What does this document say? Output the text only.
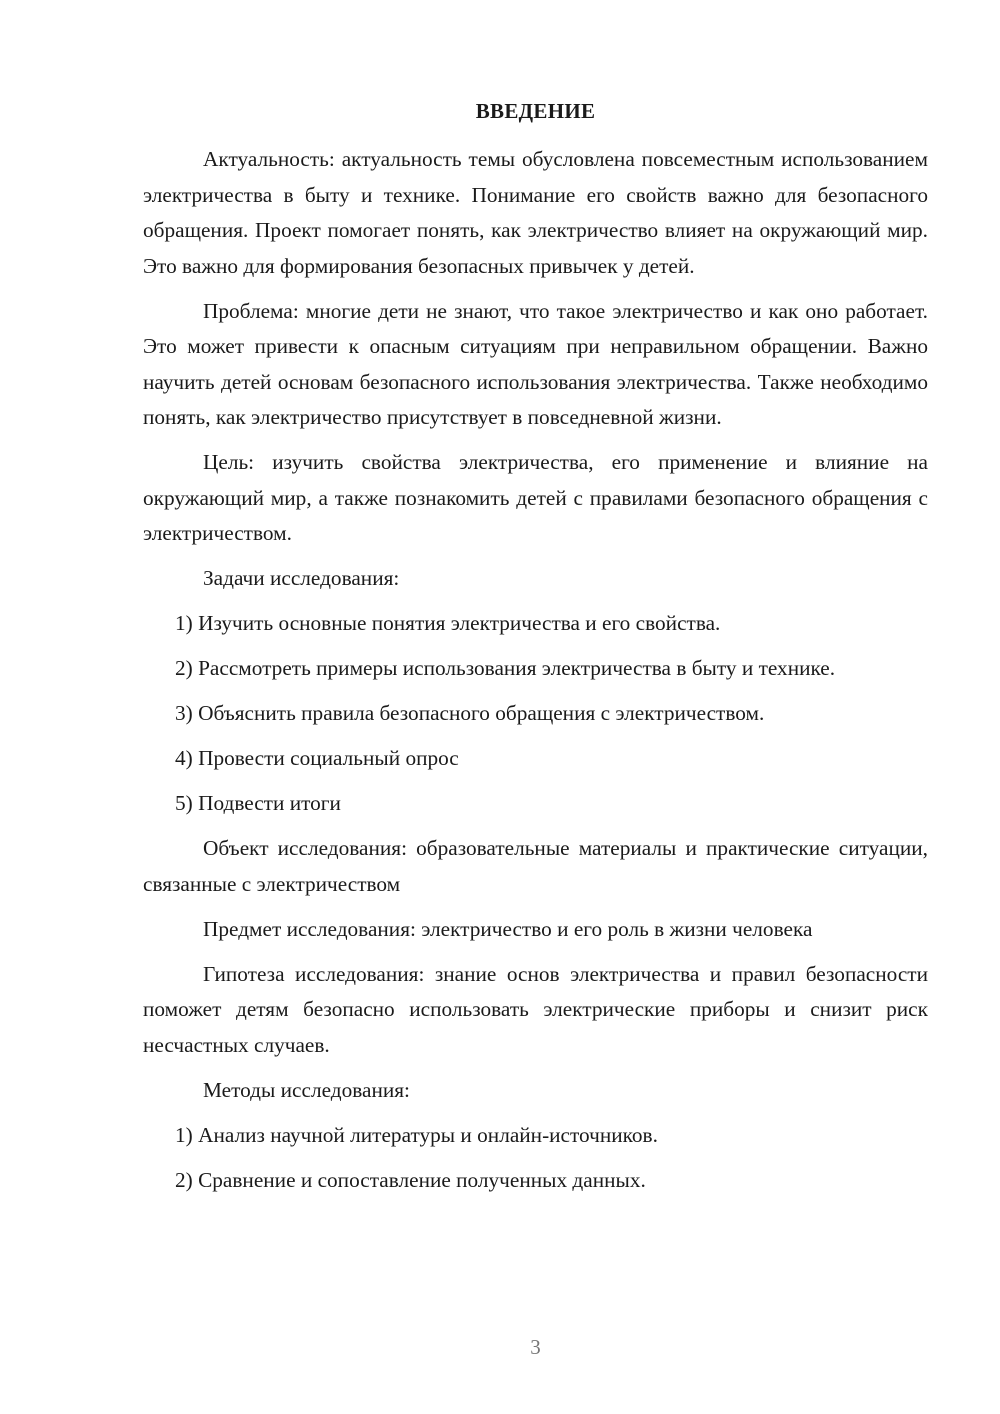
ВВЕДЕНИЕ

Актуальность: актуальность темы обусловлена повсеместным использованием электричества в быту и технике. Понимание его свойств важно для безопасного обращения. Проект помогает понять, как электричество влияет на окружающий мир. Это важно для формирования безопасных привычек у детей.

Проблема: многие дети не знают, что такое электричество и как оно работает. Это может привести к опасным ситуациям при неправильном обращении. Важно научить детей основам безопасного использования электричества. Также необходимо понять, как электричество присутствует в повседневной жизни.

Цель: изучить свойства электричества, его применение и влияние на окружающий мир, а также познакомить детей с правилами безопасного обращения с электричеством.

Задачи исследования:

1) Изучить основные понятия электричества и его свойства.

2) Рассмотреть примеры использования электричества в быту и технике.

3) Объяснить правила безопасного обращения с электричеством.

4) Провести социальный опрос

5) Подвести итоги

Объект исследования: образовательные материалы и практические ситуации, связанные с электричеством

Предмет исследования: электричество и его роль в жизни человека

Гипотеза исследования: знание основ электричества и правил безопасности поможет детям безопасно использовать электрические приборы и снизит риск несчастных случаев.

Методы исследования:

1) Анализ научной литературы и онлайн-источников.

2) Сравнение и сопоставление полученных данных.

3
